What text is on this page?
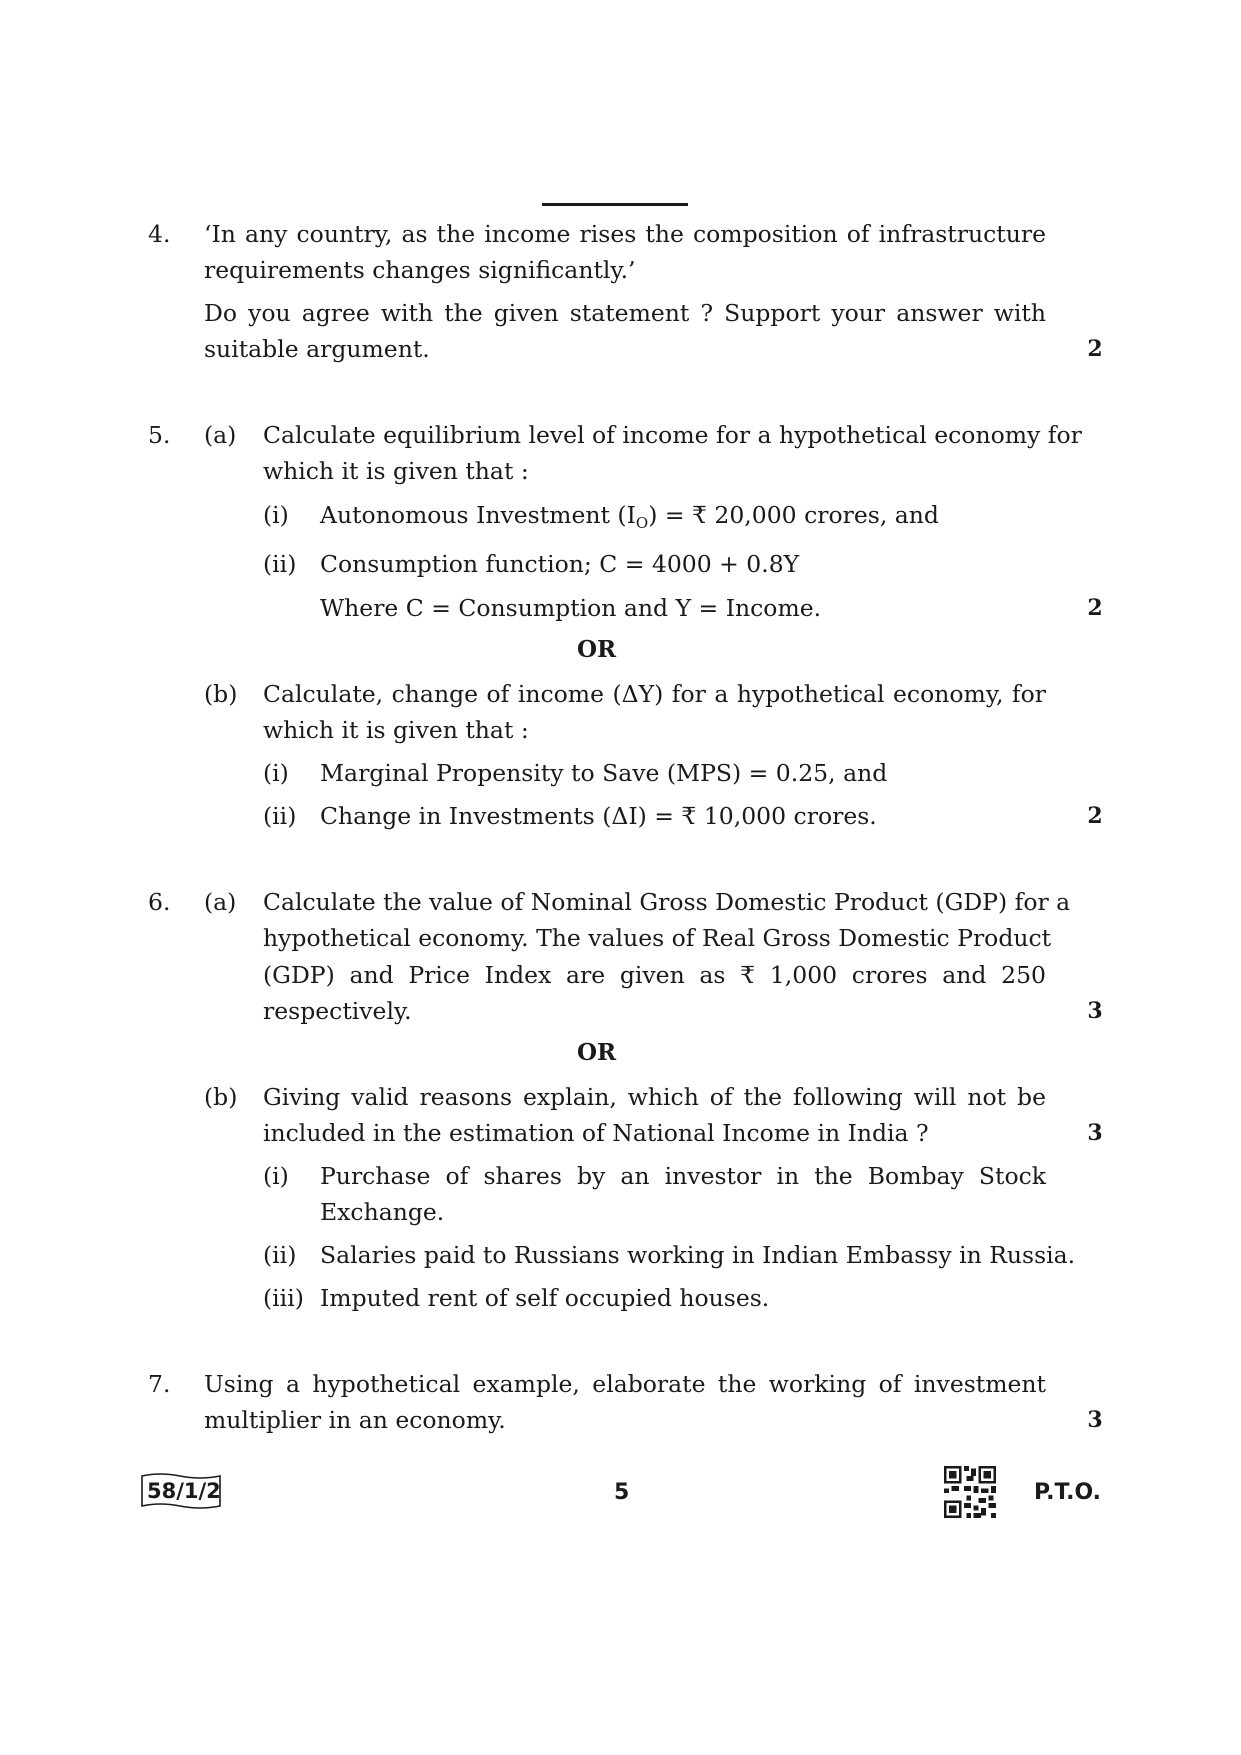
4. ‘In any country, as the income rises the composition of infrastructure
requirements changes significantly.’
Do you agree with the given statement ? Support your answer with
suitable argument.	2
5. (a) Calculate equilibrium level of income for a hypothetical economy for
which it is given that :
(i) Autonomous Investment $(I_O)$ = ₹ 20,000 crores, and
(ii) Consumption function; C = 4000 + 0.8Y
Where C = Consumption and Y = Income.	2
OR
(b) Calculate, change of income (ΔY) for a hypothetical economy, for
which it is given that :
(i) Marginal Propensity to Save (MPS) = 0.25, and
(ii) Change in Investments (ΔI) = ₹ 10,000 crores.	2
6. (a) Calculate the value of Nominal Gross Domestic Product (GDP) for a
hypothetical economy. The values of Real Gross Domestic Product
(GDP) and Price Index are given as ₹ 1,000 crores and 250
respectively.	3
OR
(b) Giving valid reasons explain, which of the following will not be
included in the estimation of National Income in India ?	3
(i) Purchase of shares by an investor in the Bombay Stock
Exchange.
(ii) Salaries paid to Russians working in Indian Embassy in Russia.
(iii) Imputed rent of self occupied houses.
7. Using a hypothetical example, elaborate the working of investment
multiplier in an economy.	3
58/1/2	5	P.T.O.
